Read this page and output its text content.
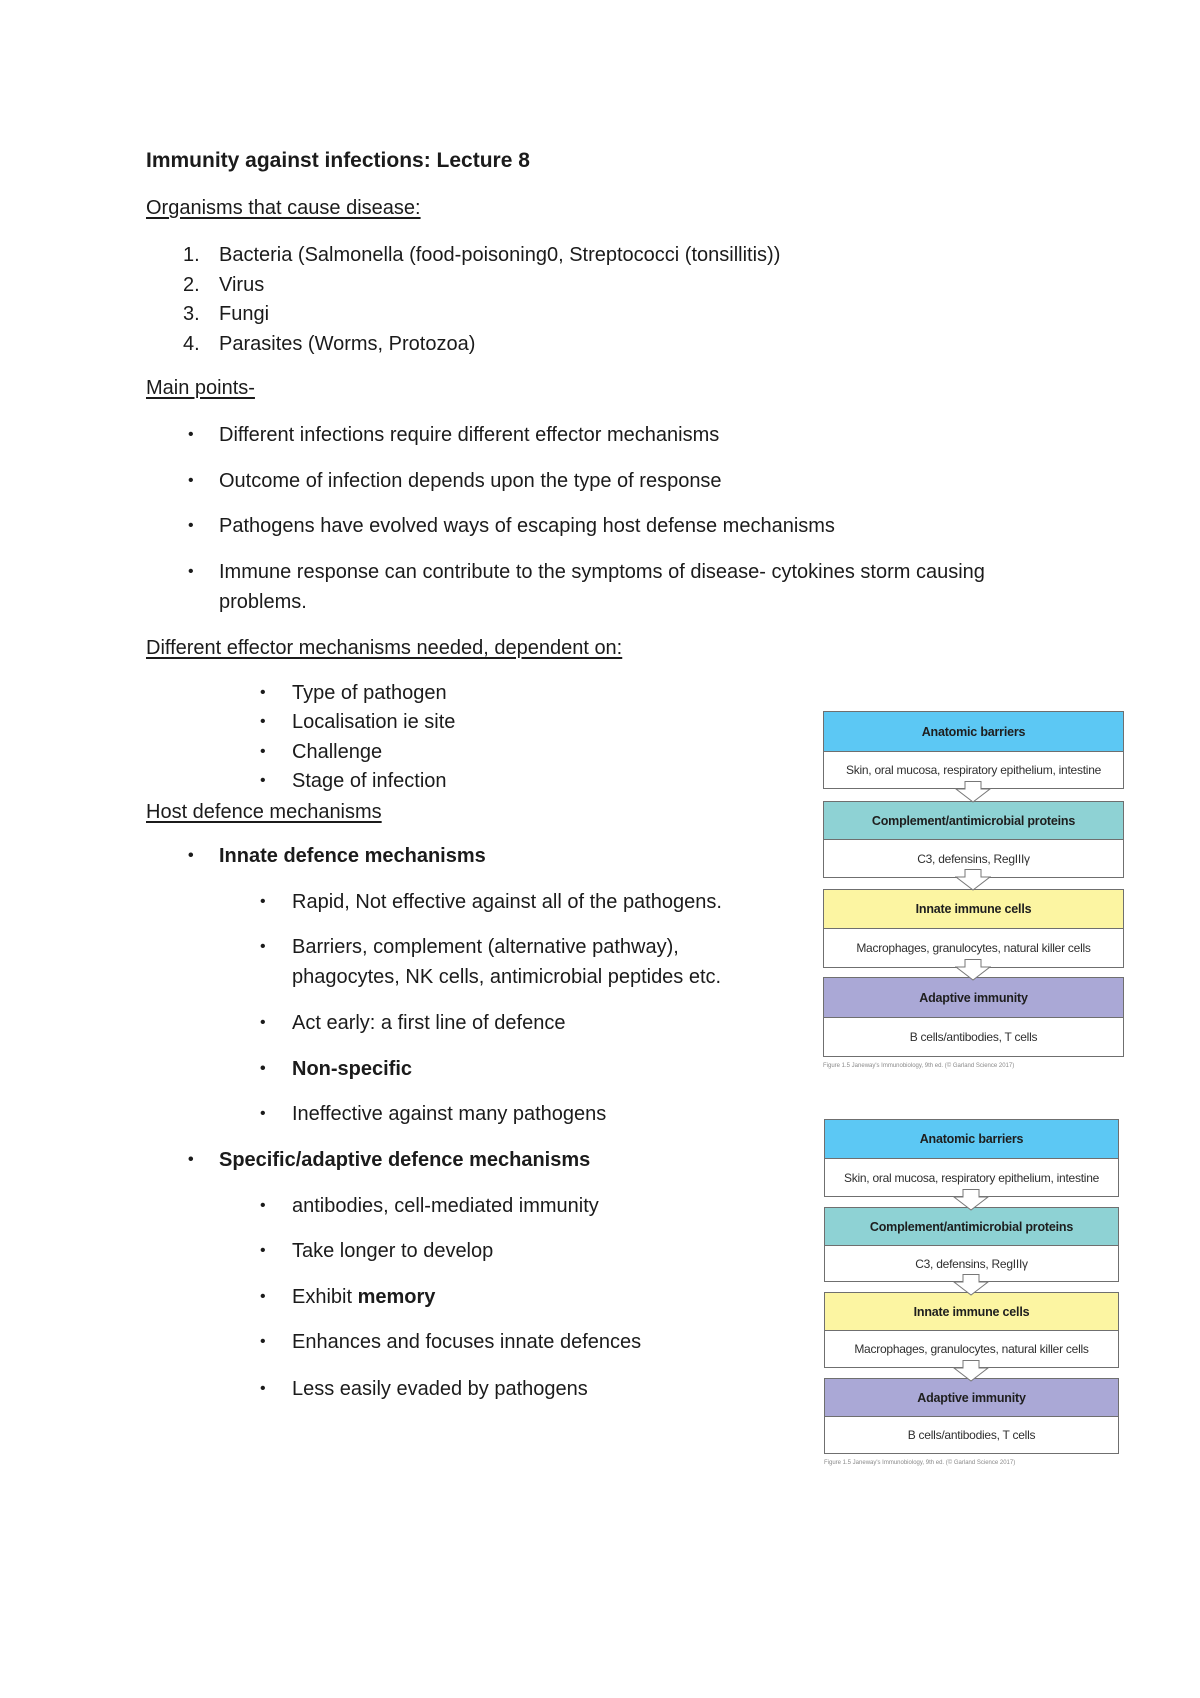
Immunity against infections: Lecture 8
Organisms that cause disease:
1. Bacteria (Salmonella (food-poisoning0, Streptococci (tonsillitis))
2. Virus
3. Fungi
4. Parasites (Worms, Protozoa)
Main points-
• Different infections require different effector mechanisms
• Outcome of infection depends upon the type of response
• Pathogens have evolved ways of escaping host defense mechanisms
• Immune response can contribute to the symptoms of disease- cytokines storm causing problems.
Different effector mechanisms needed, dependent on:
• Type of pathogen
• Localisation ie site
• Challenge
• Stage of infection
Host defence mechanisms
• Innate defence mechanisms
• Rapid, Not effective against all of the pathogens.
• Barriers, complement (alternative pathway), phagocytes, NK cells, antimicrobial peptides etc.
• Act early: a first line of defence
• Non-specific
• Ineffective against many pathogens
• Specific/adaptive defence mechanisms
• antibodies, cell-mediated immunity
• Take longer to develop
• Exhibit memory
• Enhances and focuses innate defences
• Less easily evaded by pathogens
Anatomic barriers
Skin, oral mucosa, respiratory epithelium, intestine
Complement/antimicrobial proteins
C3, defensins, RegIIIγ
Innate immune cells
Macrophages, granulocytes, natural killer cells
Adaptive immunity
B cells/antibodies, T cells
Figure 1.5 Janeway's Immunobiology, 9th ed. (© Garland Science 2017)
Anatomic barriers
Skin, oral mucosa, respiratory epithelium, intestine
Complement/antimicrobial proteins
C3, defensins, RegIIIγ
Innate immune cells
Macrophages, granulocytes, natural killer cells
Adaptive immunity
B cells/antibodies, T cells
Figure 1.5 Janeway's Immunobiology, 9th ed. (© Garland Science 2017)
